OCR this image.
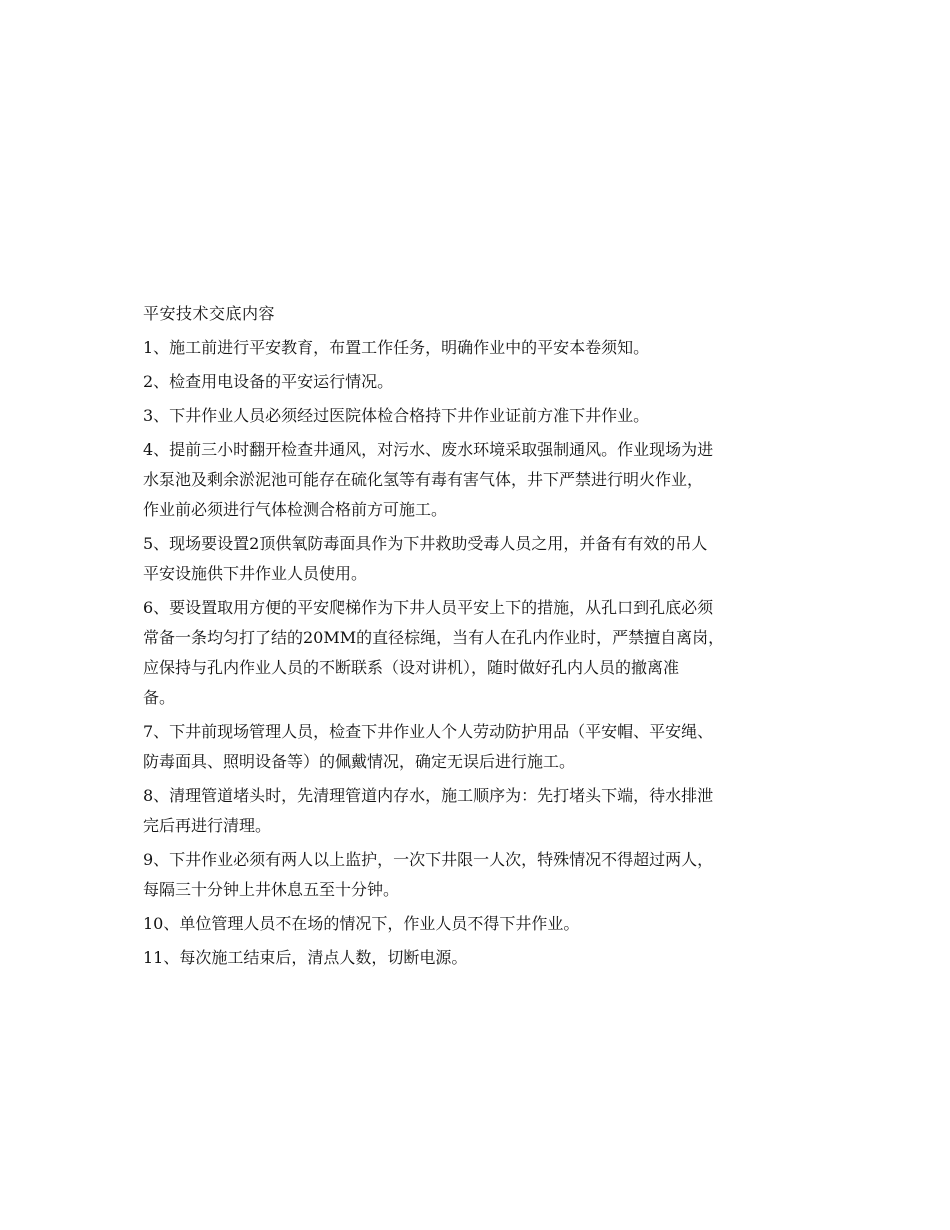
平安技术交底内容
1、施工前进行平安教育，布置工作任务，明确作业中的平安本卷须知。
2、检查用电设备的平安运行情况。
3、下井作业人员必须经过医院体检合格持下井作业证前方准下井作业。
4、提前三小时翻开检查井通风，对污水、废水环境采取强制通风。作业现场为进
水泵池及剩余淤泥池可能存在硫化氢等有毒有害气体，井下严禁进行明火作业，
作业前必须进行气体检测合格前方可施工。
5、现场要设置2顶供氧防毒面具作为下井救助受毒人员之用，并备有有效的吊人
平安设施供下井作业人员使用。
6、要设置取用方便的平安爬梯作为下井人员平安上下的措施，从孔口到孔底必须
常备一条均匀打了结的20MM的直径棕绳，当有人在孔内作业时，严禁擅自离岗，
应保持与孔内作业人员的不断联系（设对讲机），随时做好孔内人员的撤离准
备。
7、下井前现场管理人员，检查下井作业人个人劳动防护用品（平安帽、平安绳、
防毒面具、照明设备等）的佩戴情况，确定无误后进行施工。
8、清理管道堵头时，先清理管道内存水，施工顺序为：先打堵头下端，待水排泄
完后再进行清理。
9、下井作业必须有两人以上监护，一次下井限一人次，特殊情况不得超过两人，
每隔三十分钟上井休息五至十分钟。
10、单位管理人员不在场的情况下，作业人员不得下井作业。
11、每次施工结束后，清点人数，切断电源。
